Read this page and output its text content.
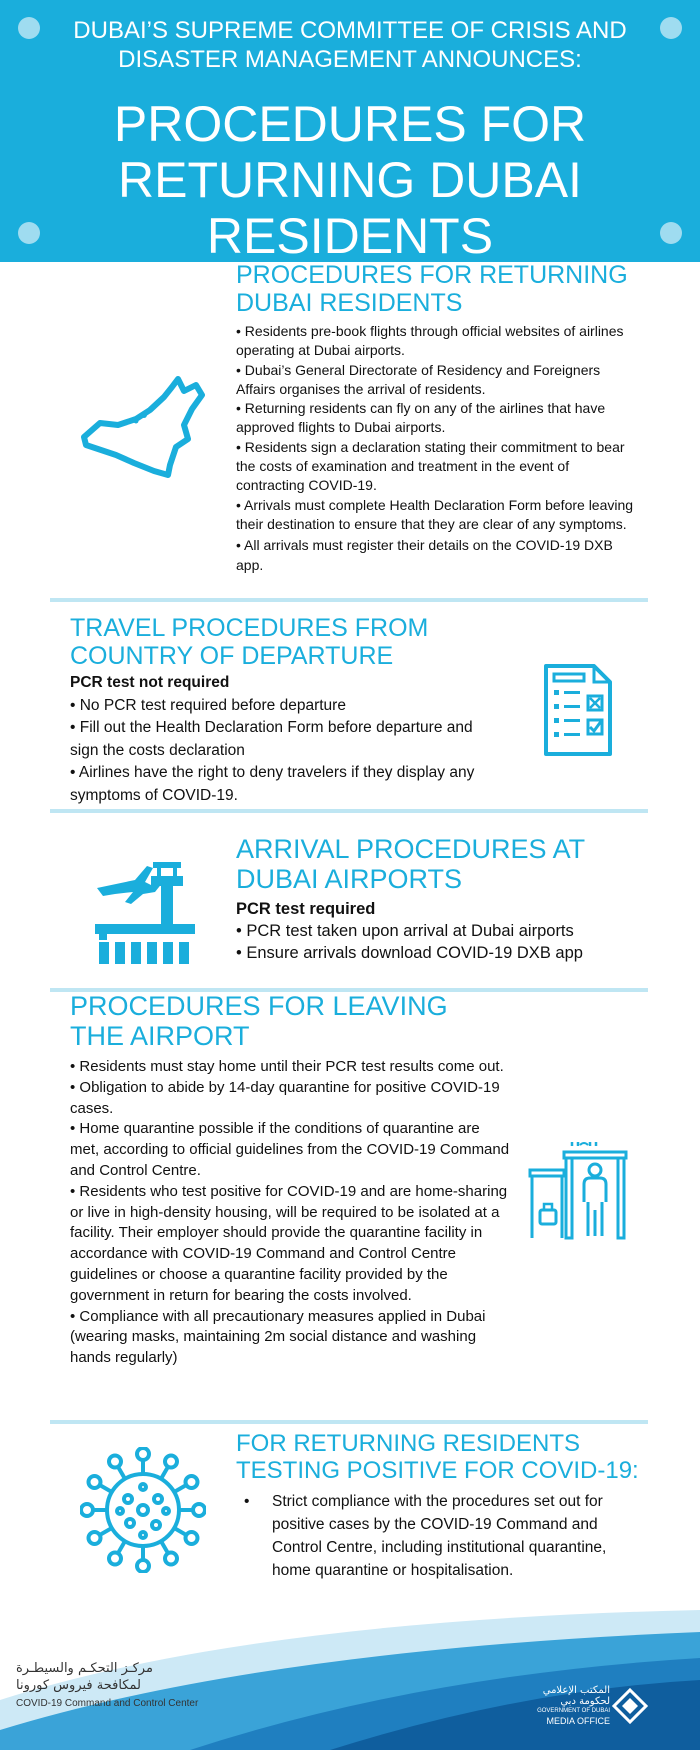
DUBAI’S SUPREME COMMITTEE OF CRISIS AND DISASTER MANAGEMENT ANNOUNCES:
PROCEDURES FOR RETURNING DUBAI RESIDENTS
PROCEDURES FOR RETURNING DUBAI RESIDENTS

• Residents pre-book flights through official websites of airlines operating at Dubai airports.

• Dubai’s General Directorate of Residency and Foreigners Affairs organises the arrival of residents.

• Returning residents can fly on any of the airlines that have approved flights to Dubai airports.

• Residents sign a declaration stating their commitment to bear the costs of examination and treatment in the event of contracting COVID-19.

• Arrivals must complete Health Declaration Form before leaving their destination to ensure that they are clear of any symptoms.

• All arrivals must register their details on the COVID-19 DXB app.

TRAVEL PROCEDURES FROM COUNTRY OF DEPARTURE

PCR test not required

• No PCR test required before departure

• Fill out the Health Declaration Form before departure and sign the costs declaration

• Airlines have the right to deny travelers if they display any symptoms of COVID-19.

ARRIVAL PROCEDURES AT DUBAI AIRPORTS

PCR test required

• PCR test taken upon arrival at Dubai airports

• Ensure arrivals download COVID-19 DXB app

PROCEDURES FOR LEAVING THE AIRPORT

• Residents must stay home until their PCR test results come out.

• Obligation to abide by 14-day quarantine for positive COVID-19 cases.

• Home quarantine possible if the conditions of quarantine are met, according to official guidelines from the COVID-19 Command and Control Centre.

• Residents who test positive for COVID-19 and are home-sharing or live in high-density housing, will be required to be isolated at a facility. Their employer should provide the quarantine facility in accordance with COVID-19 Command and Control Centre guidelines or choose a quarantine facility provided by the government in return for bearing the costs involved.

• Compliance with all precautionary measures applied in Dubai (wearing masks, maintaining 2m social distance and washing hands regularly)

FOR RETURNING RESIDENTS TESTING POSITIVE FOR COVID-19:
•	Strict compliance with the procedures set out for positive cases by the COVID-19 Command and Control Centre, including institutional quarantine, home quarantine or hospitalisation.
مركـز التحكـم والسيطـرة
لمكافحة فيروس كورونا
COVID-19 Command and Control Center
المكتب الإعلامي
لحكومة دبي
GOVERNMENT OF DUBAI
MEDIA OFFICE
